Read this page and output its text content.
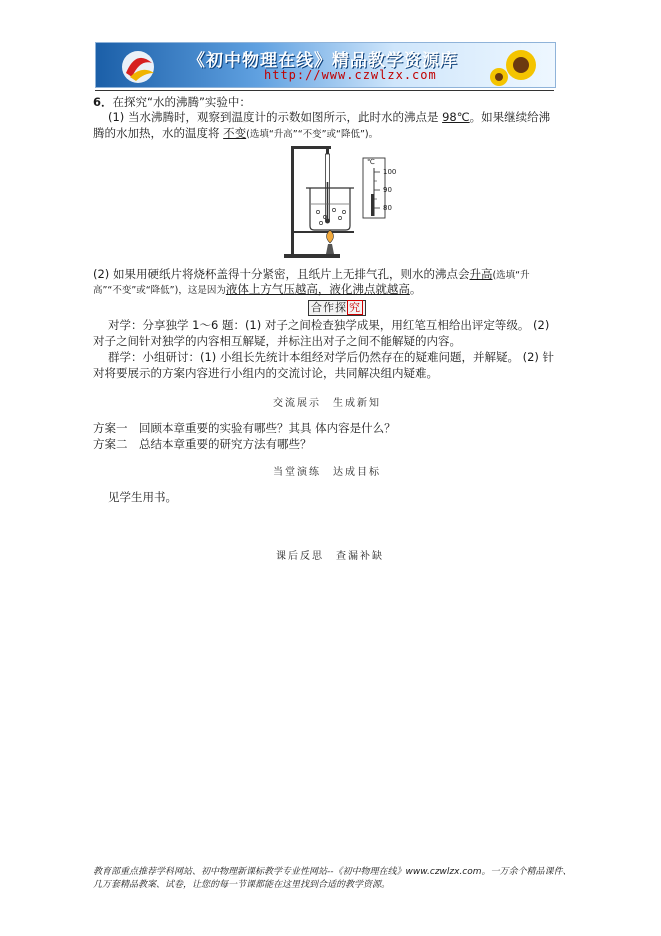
《初中物理在线》精品教学资源库
http://www.czwlzx.com
6．在探究“水的沸腾”实验中：
(1) 当水沸腾时，观察到温度计的示数如图所示，此时水的沸点是 98℃。如果继续给沸
腾的水加热，水的温度将 不变(选填“升高”“不变”或“降低”)。
℃
100
90
80
(2) 如果用硬纸片将烧杯盖得十分紧密，且纸片上无排气孔，则水的沸点会升高(选填“升
高”“不变”或“降低”)，这是因为液体上方气压越高，液化沸点就越高。
合作探 究
对学：分享独学 1～6 题：(1) 对子之间检查独学成果，用红笔互相给出评定等级。 (2)
对子之间针对独学的内容相互解疑，并标注出对子之间不能解疑的内容。
群学：小组研讨：(1) 小组长先统计本组经对学后仍然存在的疑难问题，并解疑。 (2) 针
对将要展示的方案内容进行小组内的交流讨论，共同解决组内疑难。
交流展示　生成新知
方案一　 回顾本章重要的实验有哪些？其具 体内容是什么？
方案二　 总结本章重要的研究方法有哪些？
当堂演练　达成目标
见学生用书。
课后反思　查漏补缺
教育部重点推荐学科网站、初中物理新课标教学专业性网站--《初中物理在线》www.czwlzx.com。一万余个精品课件、
几万套精品教案、试卷，让您的每一节课都能在这里找到合适的教学资源。
